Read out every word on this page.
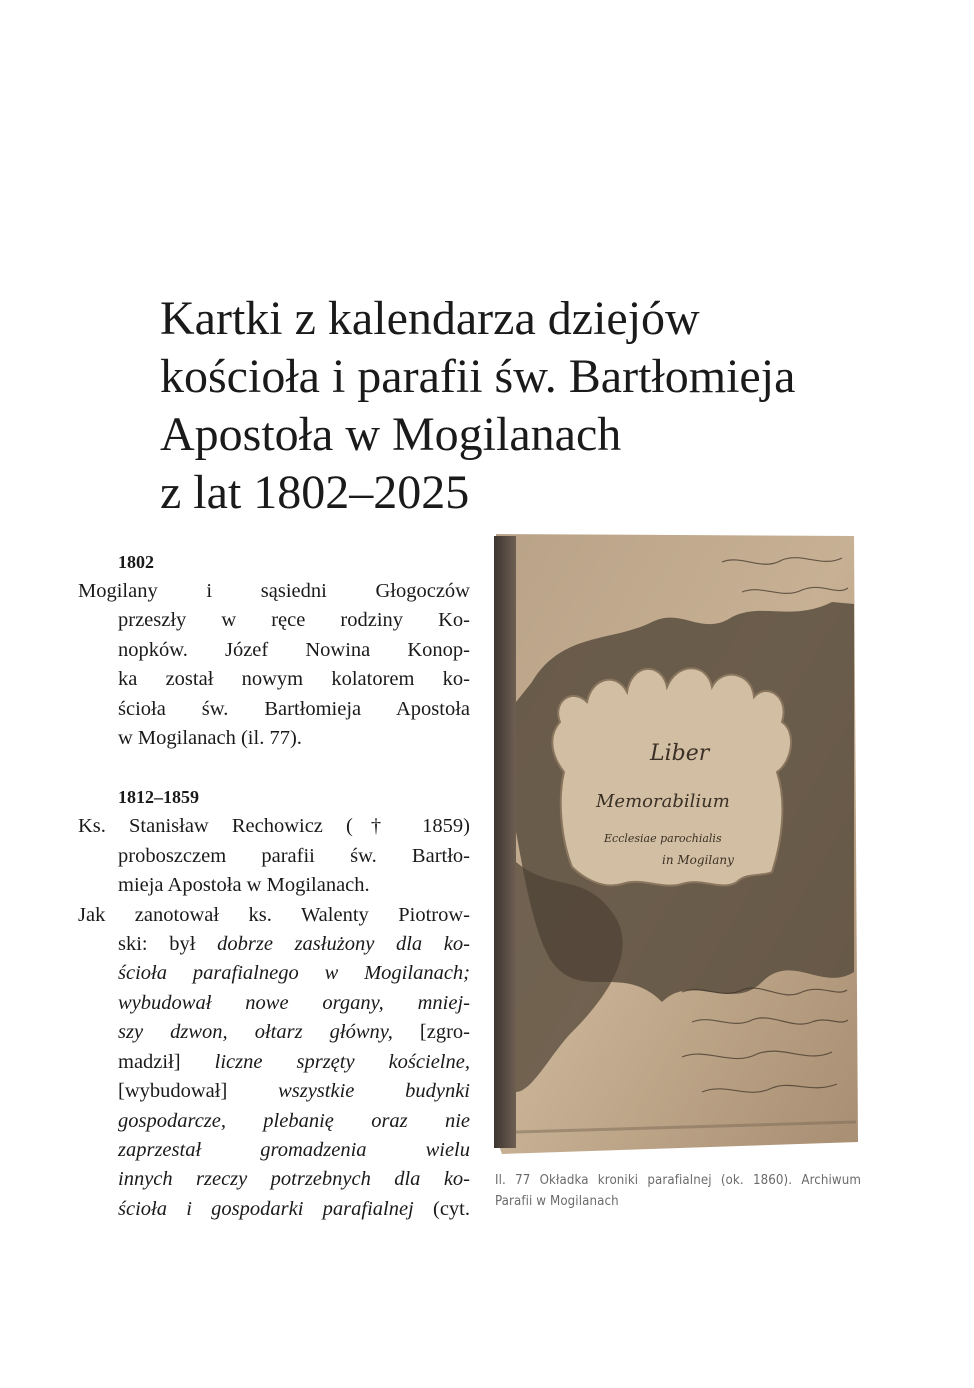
Kartki z kalendarza dziejów
kościoła i parafii św. Bartłomieja
Apostoła w Mogilanach
z lat 1802–2025

1802

Mogilany i sąsiedni Głogoczów
przeszły w ręce rodziny Ko-
nopków. Józef Nowina Konop-
ka został nowym kolatorem ko-
ścioła św. Bartłomieja Apostoła
w Mogilanach (il. 77).

1812–1859

Ks. Stanisław Rechowicz († 1859)
proboszczem parafii św. Bartło-
mieja Apostoła w Mogilanach.

Jak zanotował ks. Walenty Piotrow-
ski: był dobrze zasłużony dla ko-
ścioła parafialnego w Mogilanach;
wybudował nowe organy, mniej-
szy dzwon, ołtarz główny, [zgro-
madził] liczne sprzęty kościelne,
[wybudował] wszystkie budynki
gospodarcze, plebanię oraz nie
zaprzestał gromadzenia wielu
innych rzeczy potrzebnych dla ko-
ścioła i gospodarki parafialnej (cyt.

Liber
Memorabilium
Ecclesiae parochialis
in Mogilany
Il. 77 Okładka kroniki parafialnej (ok. 1860). Archiwum
Parafii w Mogilanach
